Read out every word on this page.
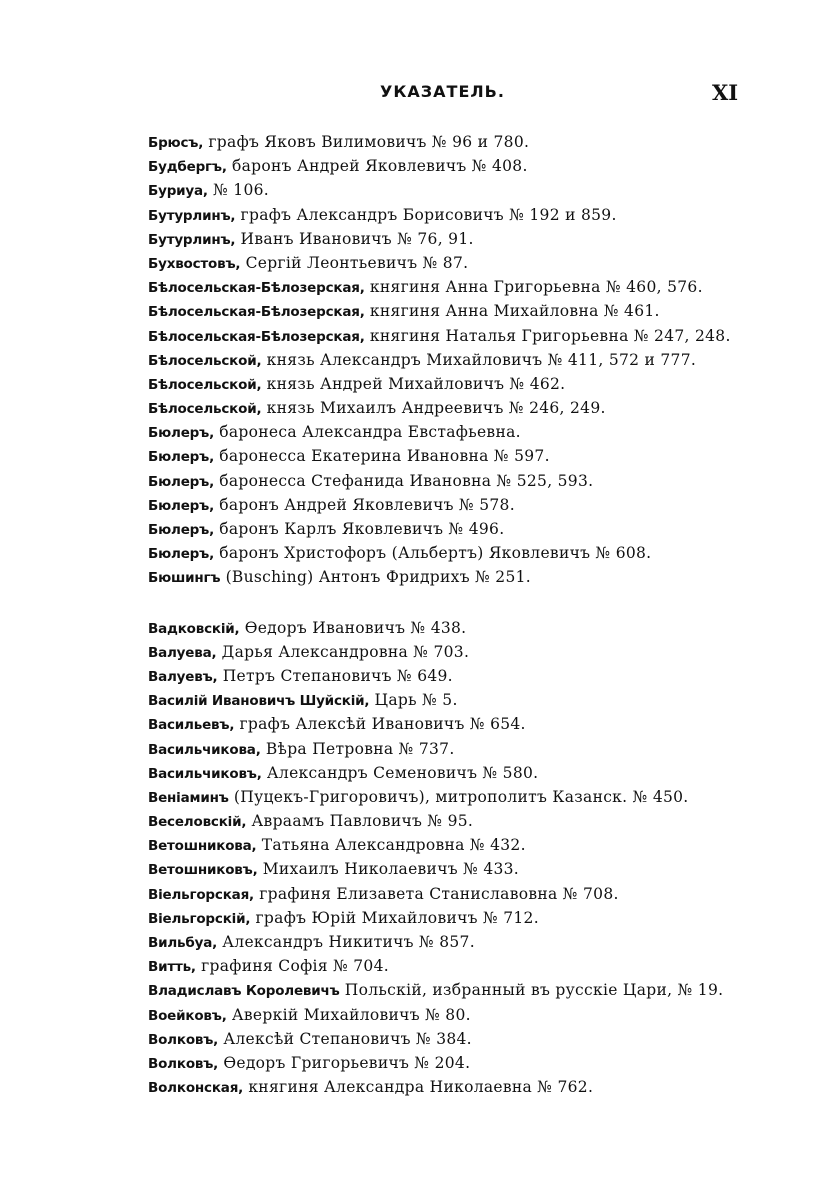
УКАЗАТЕЛЬ.	XI
Брюсъ, графъ Яковъ Вилимовичъ № 96 и 780.
Будбергъ, баронъ Андрей Яковлевичъ № 408.
Буриуа, № 106.
Бутурлинъ, графъ Александръ Борисовичъ № 192 и 859.
Бутурлинъ, Иванъ Ивановичъ № 76, 91.
Бухвостовъ, Сергій Леонтьевичъ № 87.
Бѣлосельская-Бѣлозерская, княгиня Анна Григорьевна № 460, 576.
Бѣлосельская-Бѣлозерская, княгиня Анна Михайловна № 461.
Бѣлосельская-Бѣлозерская, княгиня Наталья Григорьевна № 247, 248.
Бѣлосельской, князь Александръ Михайловичъ № 411, 572 и 777.
Бѣлосельской, князь Андрей Михайловичъ № 462.
Бѣлосельской, князь Михаилъ Андреевичъ № 246, 249.
Бюлеръ, баронеса Александра Евстафьевна.
Бюлеръ, баронесса Екатерина Ивановна № 597.
Бюлеръ, баронесса Стефанида Ивановна № 525, 593.
Бюлеръ, баронъ Андрей Яковлевичъ № 578.
Бюлеръ, баронъ Карлъ Яковлевичъ № 496.
Бюлеръ, баронъ Христофоръ (Альбертъ) Яковлевичъ № 608.
Бюшингъ (Busching) Антонъ Фридрихъ № 251.
Вадковскій, Ѳедоръ Ивановичъ № 438.
Валуева, Дарья Александровна № 703.
Валуевъ, Петръ Степановичъ № 649.
Василій Ивановичъ Шуйскій, Царь № 5.
Васильевъ, графъ Алексѣй Ивановичъ № 654.
Васильчикова, Вѣра Петровна № 737.
Васильчиковъ, Александръ Семеновичъ № 580.
Веніаминъ (Пуцекъ-Григоровичъ), митрополитъ Казанск. № 450.
Веселовскій, Авраамъ Павловичъ № 95.
Ветошникова, Татьяна Александровна № 432.
Ветошниковъ, Михаилъ Николаевичъ № 433.
Віельгорская, графиня Елизавета Станиславовна № 708.
Віельгорскій, графъ Юрій Михайловичъ № 712.
Вильбуа, Александръ Никитичъ № 857.
Витть, графиня Софія № 704.
Владиславъ Королевичъ Польскій, избранный въ русскіе Цари, № 19.
Воейковъ, Аверкій Михайловичъ № 80.
Волковъ, Алексѣй Степановичъ № 384.
Волковъ, Ѳедоръ Григорьевичъ № 204.
Волконская, княгиня Александра Николаевна № 762.
